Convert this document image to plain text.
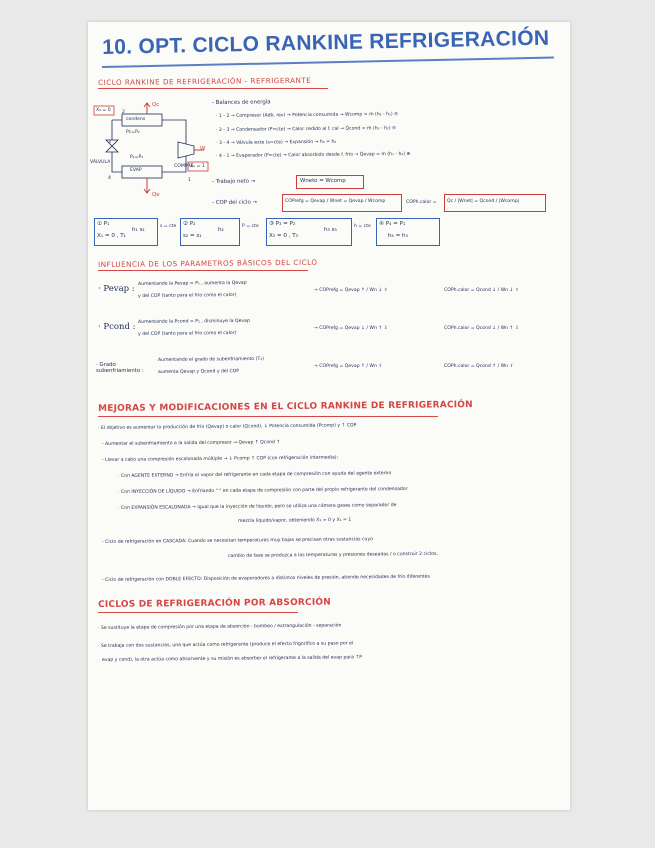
10. OPT. CICLO RANKINE REFRIGERACIÓN
CICLO RANKINE DE REFRIGERACIÓN - REFRIGERANTE
X₃ = 0
Qc
condens
Pc=P₂
VÁLVULA
COMPRE
P₁=P₄
EVAP
X₁ = 1
Qe
2
3
4	1
W
- Balances de energía
· 1 - 2 → Compresor (Adb, rev) → Potencia consumida → Wcomp = ṁ (h₂ - h₁) ⊝
· 2 - 3 → Condensador (P=cte) → Calor cedido al f. cal → Q̇cond = ṁ (h₃ - h₂) ⊝
· 3 - 4 → Válvula exte (s=cte) → Expansión → h₃ = h₄
· 4 - 1 → Evaporador (P=cte) → Calor absorbido desde f. frío → Q̇evap = ṁ (h₁ - h₄) ⊕
- Trabajo neto →	Wnetο = Wcomp
- COP del ciclo →	COPrefg = Qevap / Wnet = Qevap / Wcomp	COPh.calor = Qc / |Wnet| = Qcond / |Wcomp|
① P₁
X₁ = 0 , T₁
h₁ s₁
s = cte ② P₂
s₂ = s₁
h₂
P = cte ③ P₃ = P₂
X₃ = 0 , T₃
h₃ s₃
h = cte ④ P₄ = P₁
h₄ = h₃
INFLUENCIA DE LOS PARAMETROS BÁSICOS DEL CICLO
· Pevap :
Aumentando la Pevap = P₁ , aumenta la Qevap
y del COP (tanto para el frío como el calor)
→ COPrefg = Qevap ↑ / Wn ↓ ⇧	COPh.calor = Qcond ↓ / Wn ↓ ⇧
· Pcond :
Aumentando la Pcond = P₂ , disminuye la Qevap
y del COP (tanto para el frío como el calor)
→ COPrefg = Qevap ↓ / Wn ↑ ⇩	COPh.calor = Qcond ↓ / Wn ↑ ⇩
· Grado subenfriamiento :
Aumentando el grado de subenfriamiento (T₃)
aumenta Qevap y Qcond y del COP
→ COPrefg = Qevap ↑ / Wn ⇧	COPh.calor = Qcond ↑ / Wn ⇧
MEJORAS Y MODIFICACIONES EN EL CICLO RANKINE DE REFRIGERACIÓN
· El objetivo es aumentar la producción de frío (Qevap) o calor (Qcond), ↓ Potencia consumida (Pcomp) y ↑ COP
- Aumentar el subenfriamiento a la salida del compresor → Qevap ↑ Qcond ↑
- Llevar a cabo una compresión escalonada múltiple → ↓ Pcomp ↑ COP (con refrigeración intermedia):
· Con AGENTE EXTERNO → Enfría el vapor del refrigerante en cada etapa de compresión con ayuda del agente externo
· Con INYECCIÓN DE LÍQUIDO → Enfriando " " en cada etapa de compresión con parte del propio refrigerante del condensador
· Con EXPANSIÓN ESCALONADA → Igual que la inyección de líquido, pero se utiliza una cámara gases como separador de
mezcla líquido/vapor, obteniendo X₃ = 0 y X₁ = 1
- Ciclo de refrigeración en CASCADA: Cuando se necesitan temperaturas muy bajas se precisan otras sustancias cuyo
cambio de fase se produzca a las temperaturas y presiones deseadas / o construir 2 ciclos.
- Ciclo de refrigeración con DOBLE EFECTO: Disposición de evaporadores a distintos niveles de presión, atiende necesidades de frío diferentes
CICLOS DE REFRIGERACIÓN POR ABSORCIÓN
· Se sustituye la etapa de compresión por una etapa de absorción - bombeo / extrangulación - separación
· Se trabaja con dos sustancias, una que actúa como refrigerante (produce el efecto frigorífico a su paso por el
evap y cond), la otra actúa como absorvente y su misión es absorber el refrigerante a la salida del evap para ↑P
